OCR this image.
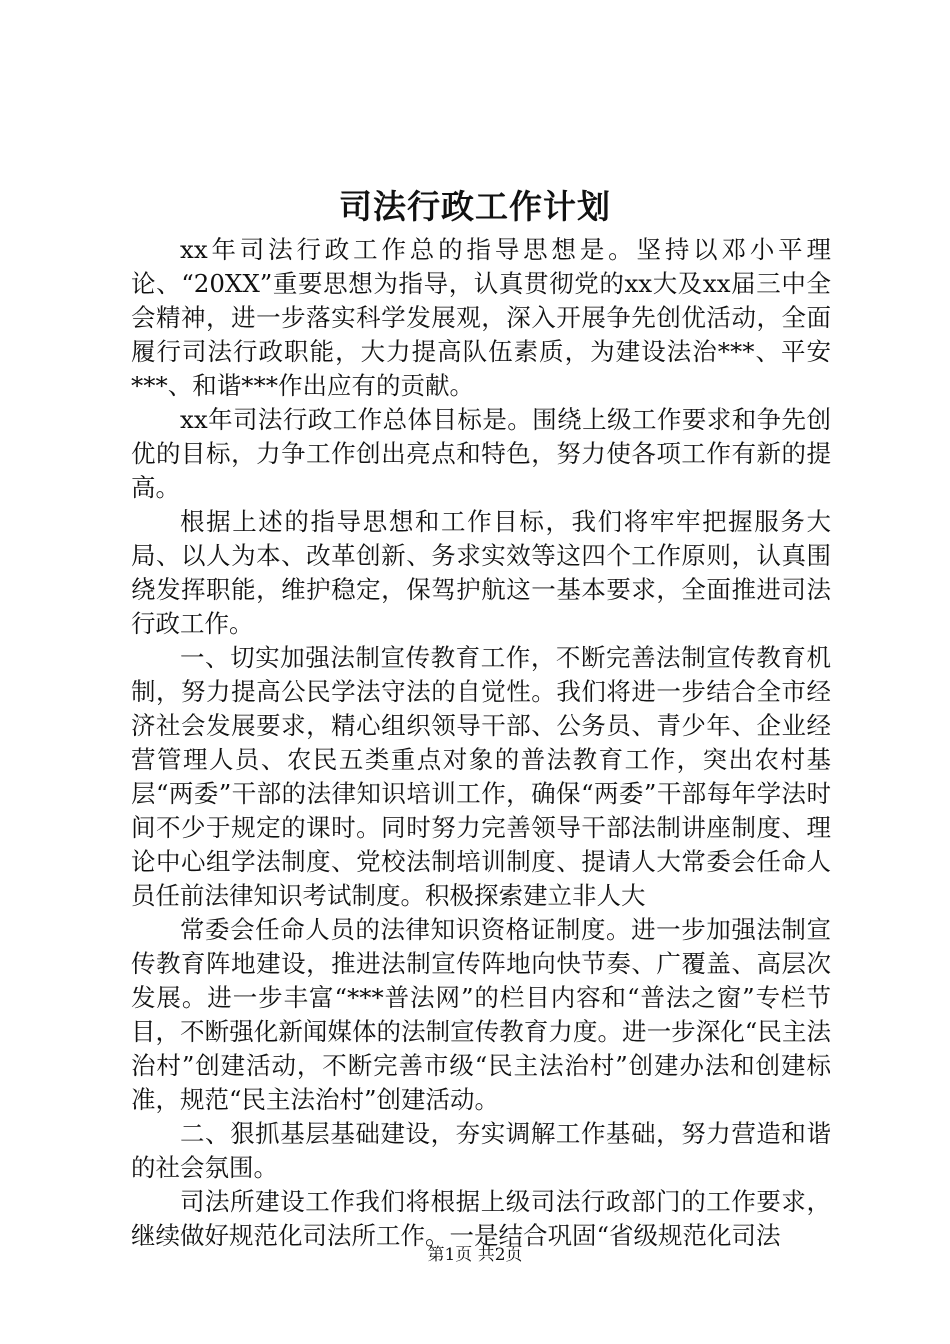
司法行政工作计划

xx年司法行政工作总的指导思想是。坚持以邓小平理论、“20XX”重要思想为指导，认真贯彻党的xx大及xx届三中全会精神，进一步落实科学发展观，深入开展争先创优活动，全面履行司法行政职能，大力提高队伍素质，为建设法治***、平安***、和谐***作出应有的贡献。

xx年司法行政工作总体目标是。围绕上级工作要求和争先创优的目标，力争工作创出亮点和特色，努力使各项工作有新的提高。

根据上述的指导思想和工作目标，我们将牢牢把握服务大局、以人为本、改革创新、务求实效等这四个工作原则，认真围绕发挥职能，维护稳定，保驾护航这一基本要求，全面推进司法行政工作。

一、切实加强法制宣传教育工作，不断完善法制宣传教育机制，努力提高公民学法守法的自觉性。我们将进一步结合全市经济社会发展要求，精心组织领导干部、公务员、青少年、企业经营管理人员、农民五类重点对象的普法教育工作，突出农村基层“两委”干部的法律知识培训工作，确保“两委”干部每年学法时间不少于规定的课时。同时努力完善领导干部法制讲座制度、理论中心组学法制度、党校法制培训制度、提请人大常委会任命人员任前法律知识考试制度。积极探索建立非人大

常委会任命人员的法律知识资格证制度。进一步加强法制宣传教育阵地建设，推进法制宣传阵地向快节奏、广覆盖、高层次发展。进一步丰富“***普法网”的栏目内容和“普法之窗”专栏节目，不断强化新闻媒体的法制宣传教育力度。进一步深化“民主法治村”创建活动，不断完善市级“民主法治村”创建办法和创建标准，规范“民主法治村”创建活动。

二、狠抓基层基础建设，夯实调解工作基础，努力营造和谐的社会氛围。

司法所建设工作我们将根据上级司法行政部门的工作要求，继续做好规范化司法所工作。一是结合巩固“省级规范化司法

第1页 共2页
